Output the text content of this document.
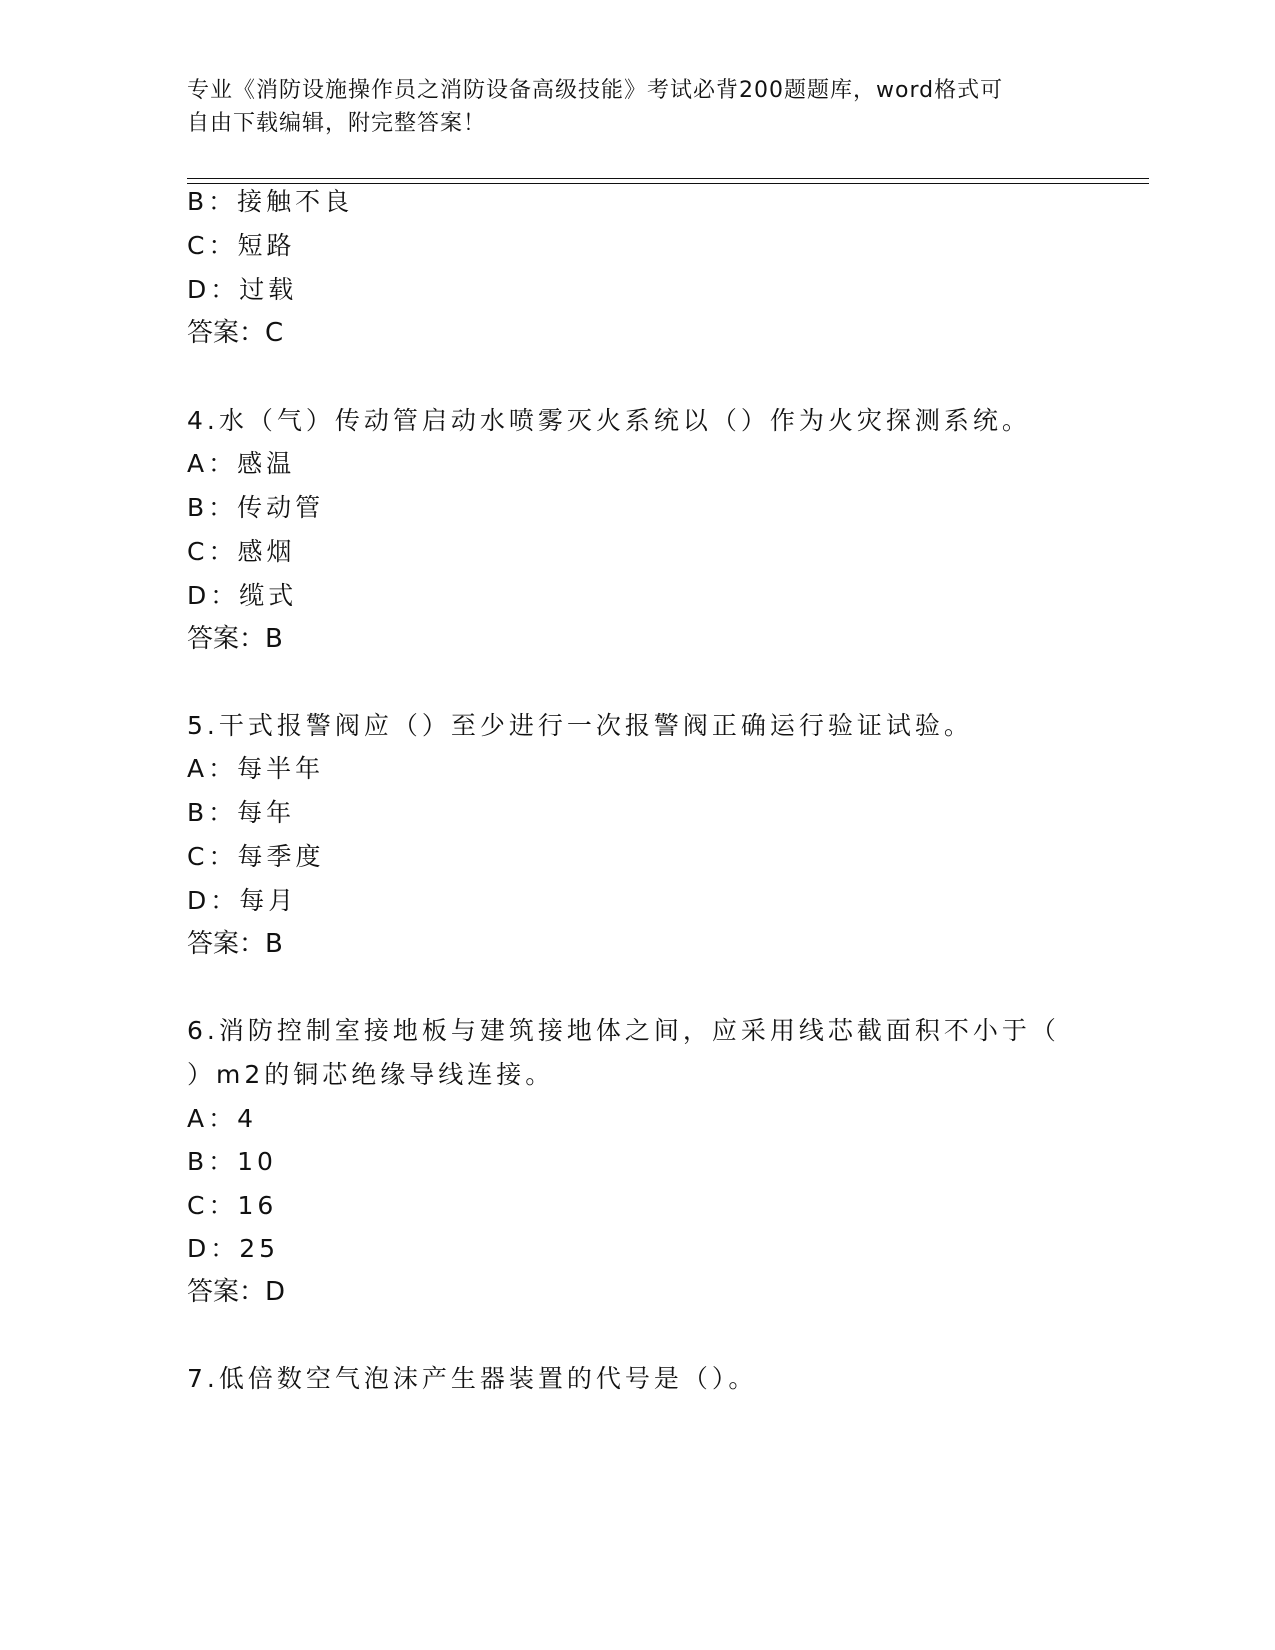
专业《消防设施操作员之消防设备高级技能》考试必背200题题库，word格式可
自由下载编辑，附完整答案！
B：接触不良
C：短路
D：过载
答案：C
4.水（气）传动管启动水喷雾灭火系统以（）作为火灾探测系统。
A：感温
B：传动管
C：感烟
D：缆式
答案：B
5.干式报警阀应（）至少进行一次报警阀正确运行验证试验。
A：每半年
B：每年
C：每季度
D：每月
答案：B
6.消防控制室接地板与建筑接地体之间，应采用线芯截面积不小于（
）m2的铜芯绝缘导线连接。
A：4
B：10
C：16
D：25
答案：D
7.低倍数空气泡沫产生器装置的代号是（）。
